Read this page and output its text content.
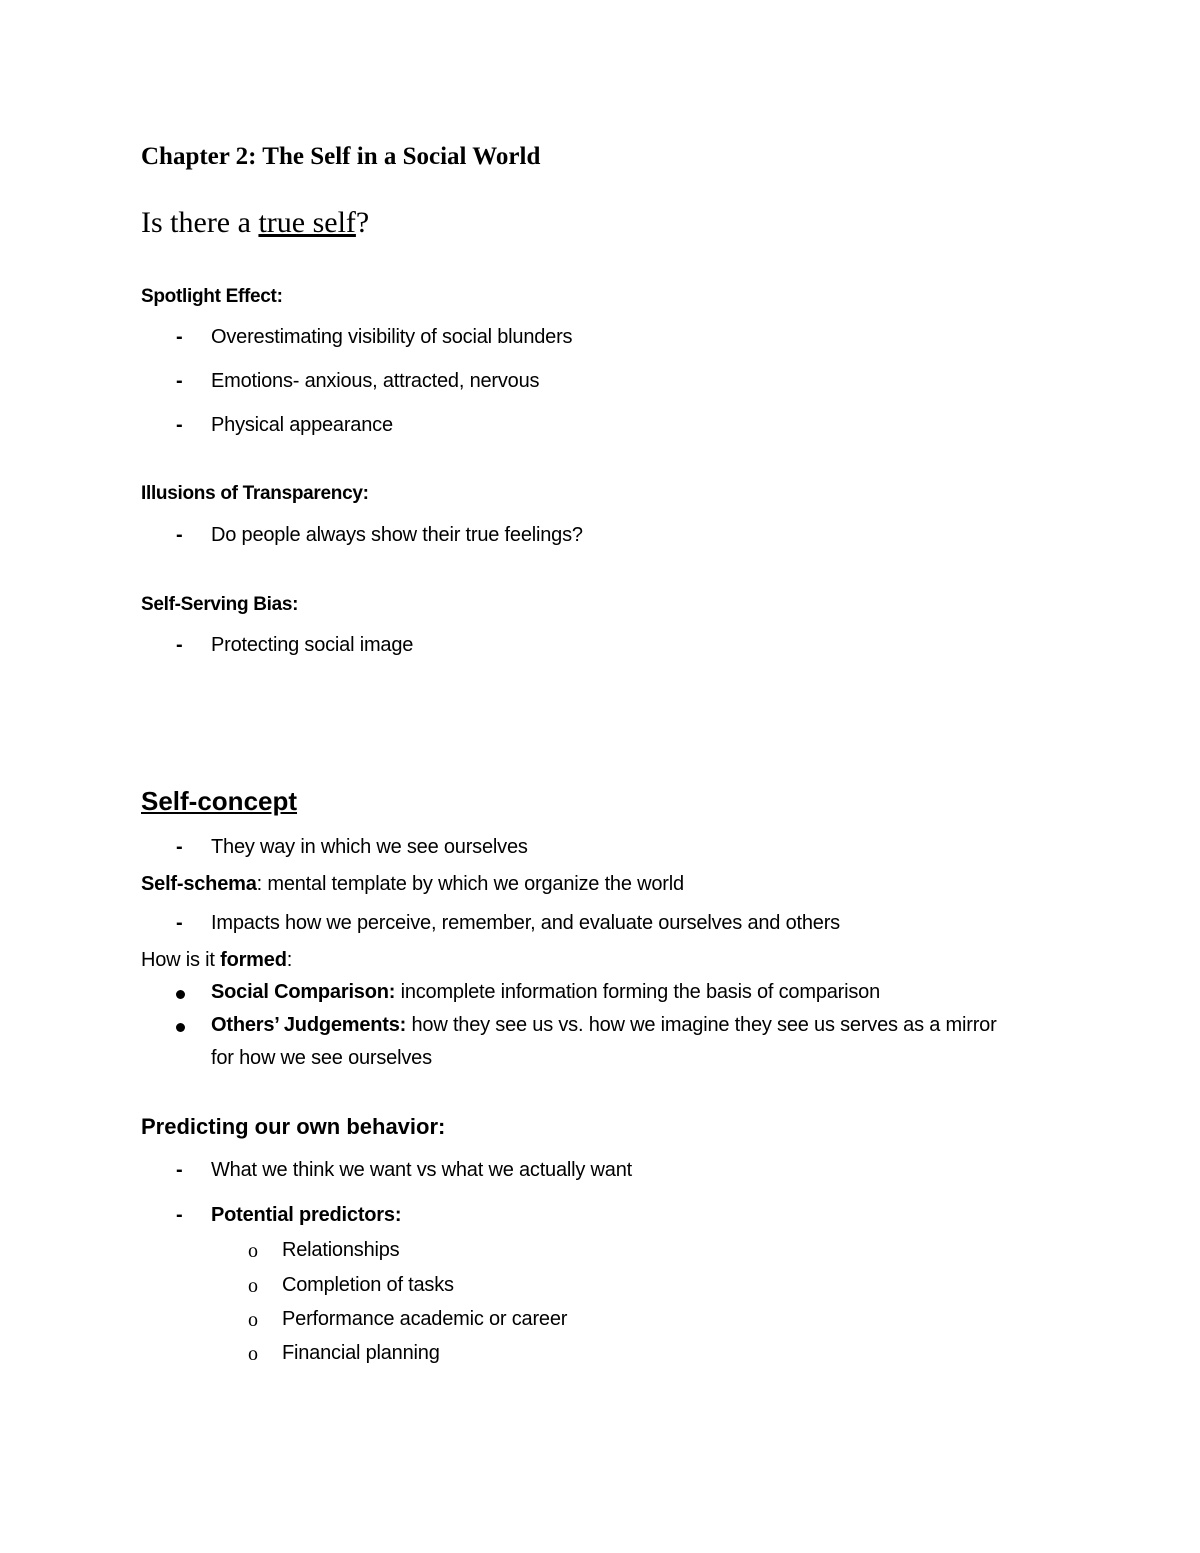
Chapter 2: The Self in a Social World
Is there a true self?
Spotlight Effect:
- Overestimating visibility of social blunders
- Emotions- anxious, attracted, nervous
- Physical appearance
Illusions of Transparency:
- Do people always show their true feelings?
Self-Serving Bias:
- Protecting social image
Self-concept
- They way in which we see ourselves
Self-schema: mental template by which we organize the world
- Impacts how we perceive, remember, and evaluate ourselves and others
How is it formed:
Social Comparison: incomplete information forming the basis of comparison
Others’ Judgements: how they see us vs. how we imagine they see us serves as a mirror
for how we see ourselves
Predicting our own behavior:
- What we think we want vs what we actually want
- Potential predictors:
o Relationships
o Completion of tasks
o Performance academic or career
o Financial planning
